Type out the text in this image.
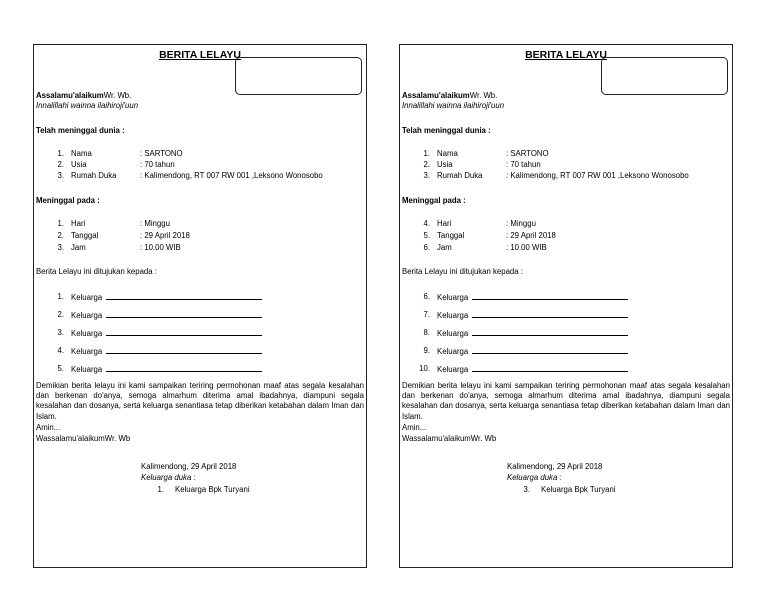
BERITA LELAYU
Assalamu'alaikumWr. Wb.
Innalillahi wainna ilaihiroji'uun
Telah meninggal dunia :
1. Nama	: SARTONO
2. Usia	: 70 tahun
3. Rumah Duka	: Kalimendong, RT 007 RW 001 ,Leksono Wonosobo
Meninggal pada :
1. Hari	: Minggu
2. Tanggal	: 29 April 2018
3. Jam	: 10.00 WIB
Berita Lelayu ini ditujukan kepada :
1. Keluarga
2. Keluarga
3. Keluarga
4. Keluarga
5. Keluarga
Demikian berita lelayu ini kami sampaikan teriring permohonan maaf atas segala kesalahan dan berkenan do'anya, semoga almarhum diterima amal ibadahnya, diampuni segala kesalahan dan dosanya, serta keluarga senantiasa tetap diberikan ketabahan dalam Iman dan Islam.
Amin...
Wassalamu'alaikumWr. Wb
Kalimendong, 29 April 2018
Keluarga duka :
1. Keluarga Bpk Turyani
BERITA LELAYU
Assalamu'alaikumWr. Wb.
Innalillahi wainna ilaihiroji'uun
Telah meninggal dunia :
1. Nama	: SARTONO
2. Usia	: 70 tahun
3. Rumah Duka	: Kalimendong, RT 007 RW 001 ,Leksono Wonosobo
Meninggal pada :
4. Hari	: Minggu
5. Tanggal	: 29 April 2018
6. Jam	: 10.00 WIB
Berita Lelayu ini ditujukan kepada :
6. Keluarga
7. Keluarga
8. Keluarga
9. Keluarga
10. Keluarga
Demikian berita lelayu ini kami sampaikan teriring permohonan maaf atas segala kesalahan dan berkenan do'anya, semoga almarhum diterima amal ibadahnya, diampuni segala kesalahan dan dosanya, serta keluarga senantiasa tetap diberikan ketabahan dalam Iman dan Islam.
Amin...
Wassalamu'alaikumWr. Wb
Kalimendong, 29 April 2018
Keluarga duka :
3. Keluarga Bpk Turyani
